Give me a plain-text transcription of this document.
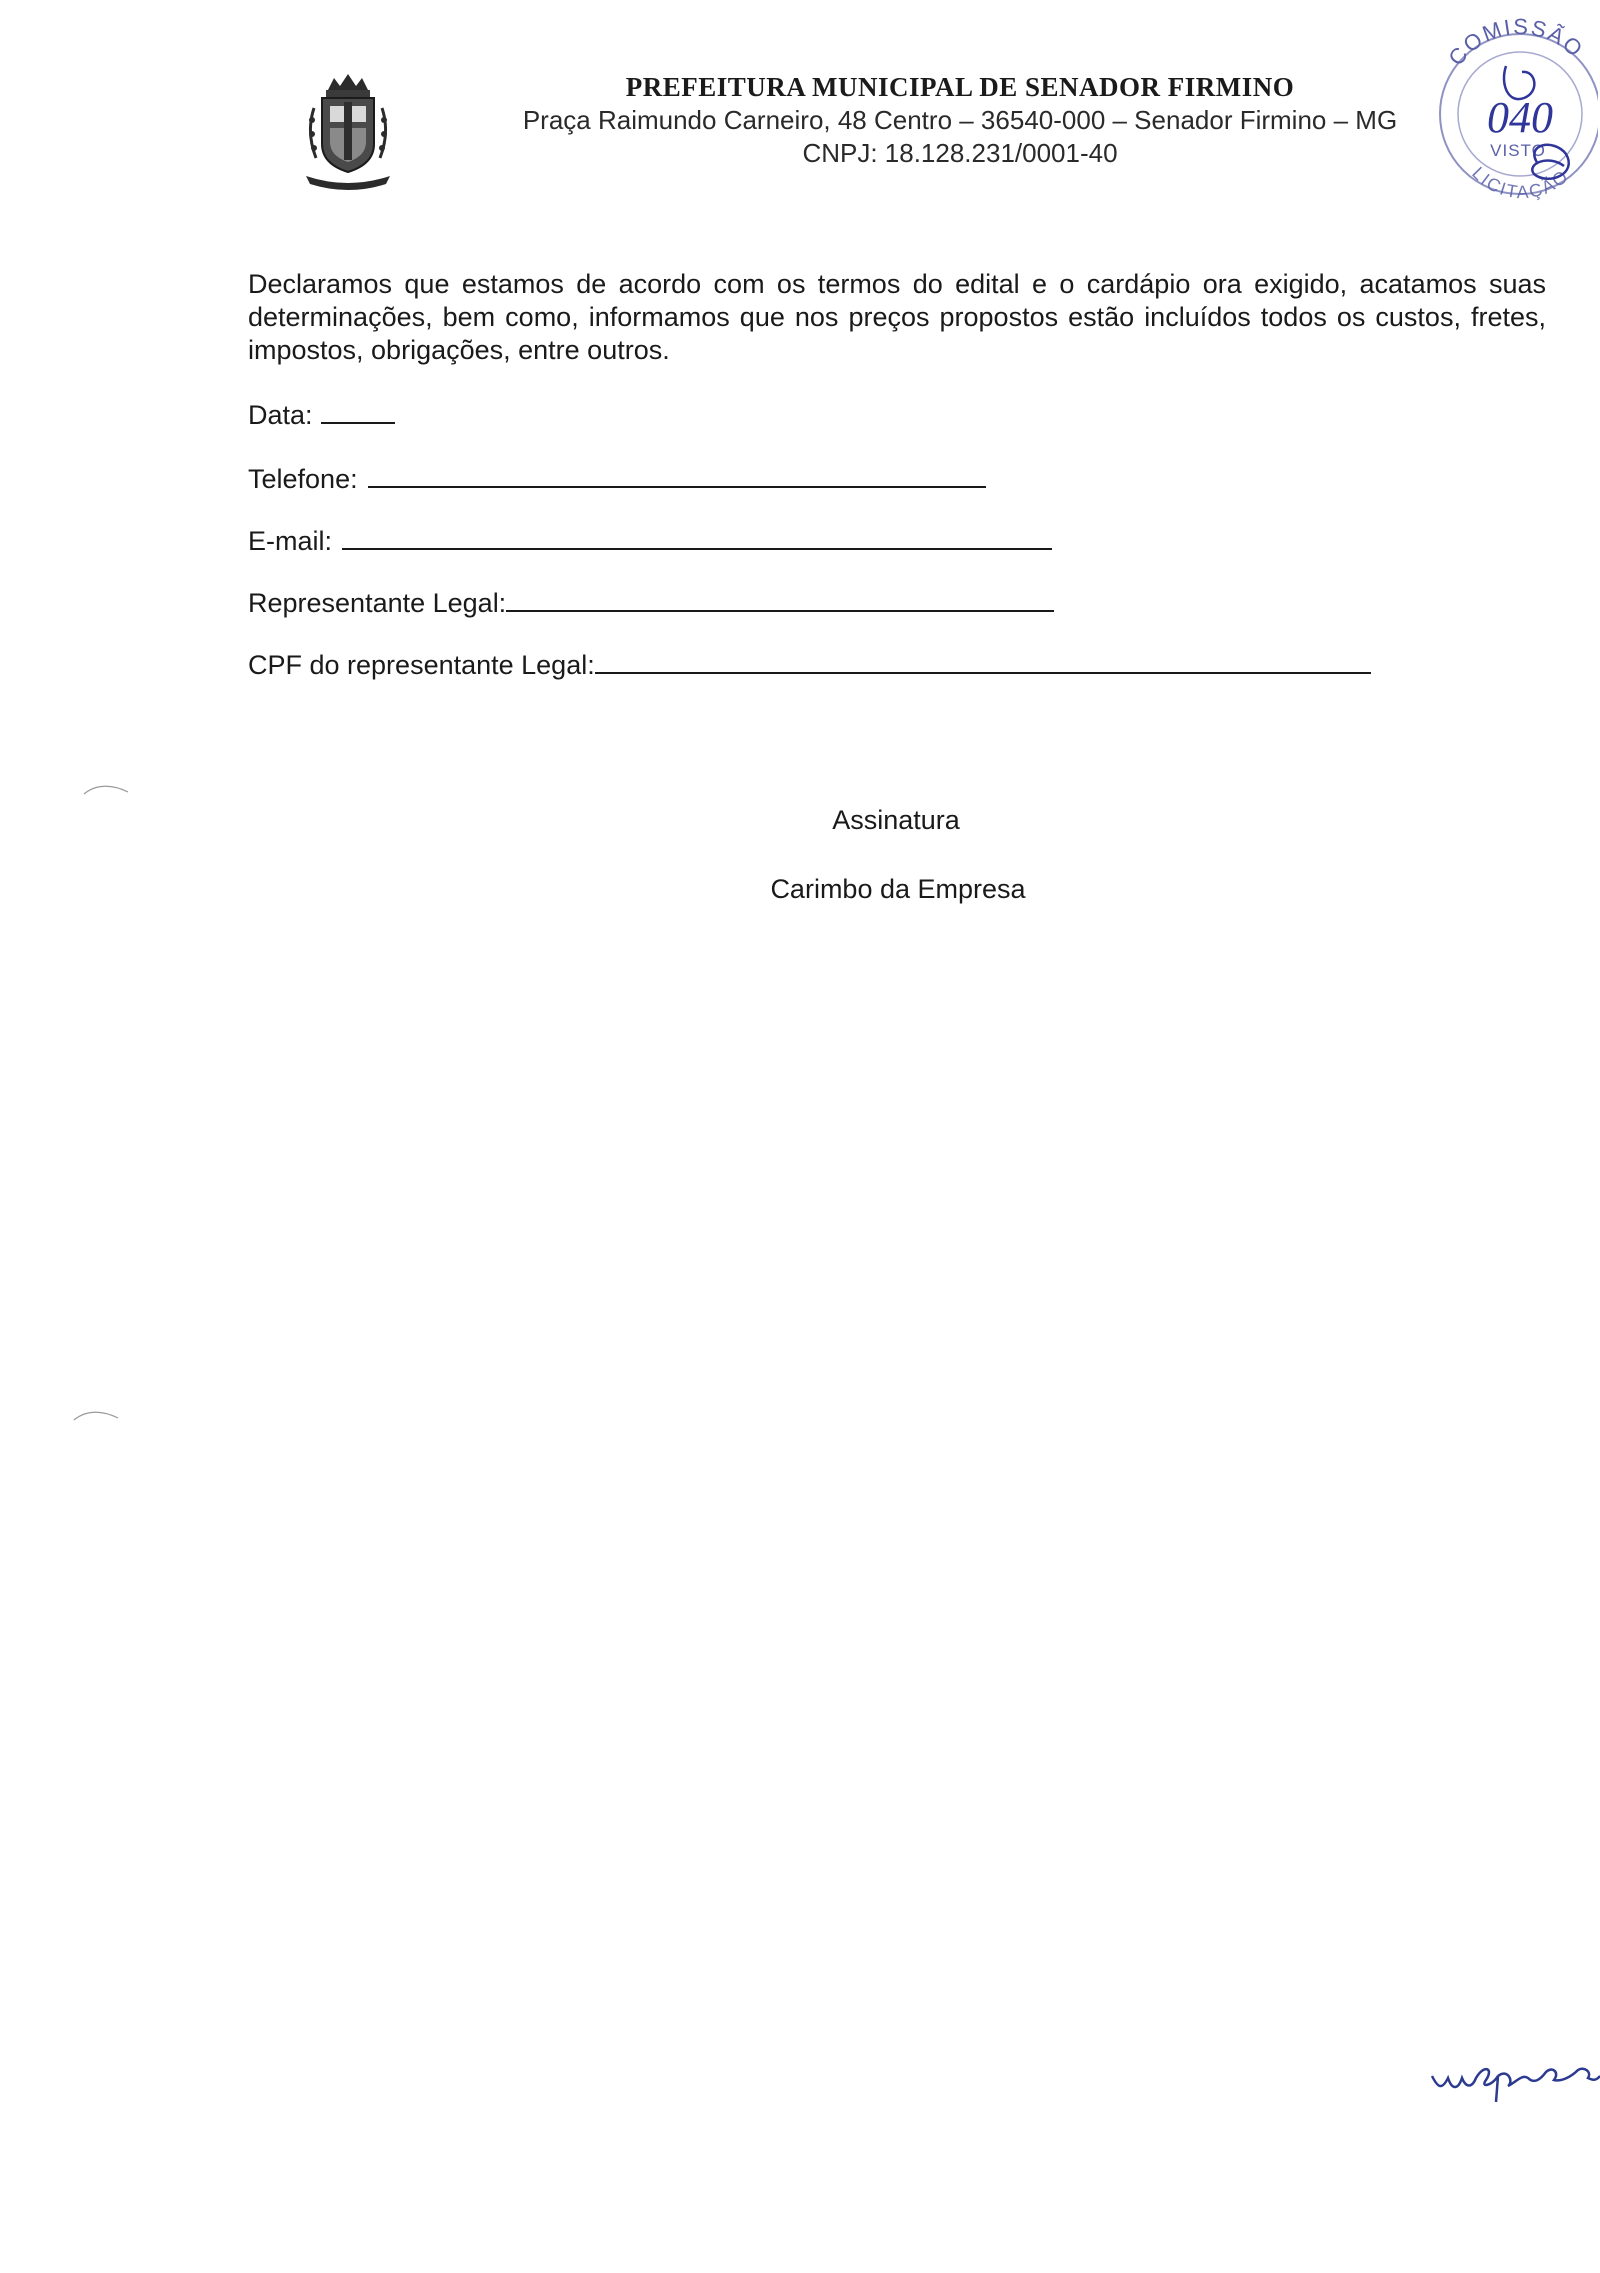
PREFEITURA MUNICIPAL DE SENADOR FIRMINO
Praça Raimundo Carneiro, 48 Centro – 36540-000 – Senador Firmino – MG
CNPJ: 18.128.231/0001-40
COMISSÃO
040
VISTO
LICITAÇÃO
Declaramos que estamos de acordo com os termos do edital e o cardápio ora exigido, acatamos suas determinações, bem como, informamos que nos preços propostos estão incluídos todos os custos, fretes, impostos, obrigações, entre outros.
Data:
Telefone:
E-mail:
Representante Legal:
CPF do representante Legal:
Assinatura
Carimbo da Empresa
